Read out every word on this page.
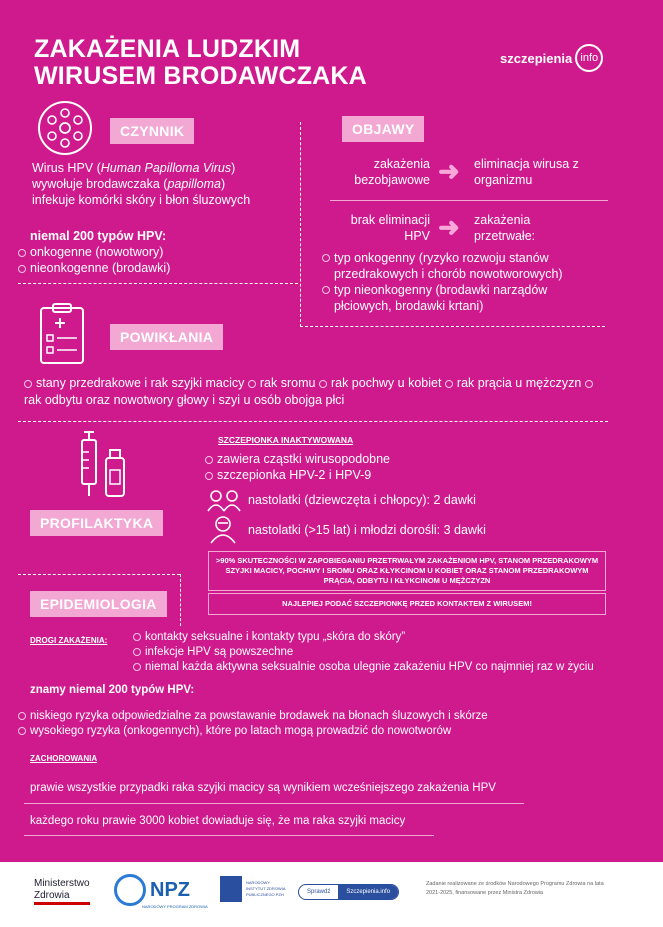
ZAKAŻENIA LUDZKIM
WIRUSEM BRODAWCZAKA
szczepienia info
CZYNNIK
Wirus HPV (Human Papilloma Virus)
wywołuje brodawczaka (papilloma)
infekuje komórki skóry i błon śluzowych
niemal 200 typów HPV:
onkogenne (nowotwory)
nieonkogenne (brodawki)
OBJAWY
zakażenia bezobjawowe ➜ eliminacja wirusa z organizmu
brak eliminacji HPV ➜ zakażenia przetrwałe:
typ onkogenny (ryzyko rozwoju stanów przedrakowych i chorób nowotworowych)
typ nieonkogenny (brodawki narządów płciowych, brodawki krtani)
POWIKŁANIA
stany przedrakowe i rak szyjki macicy rak sromu rak pochwy u kobiet rak prącia u mężczyzn rak odbytu oraz nowotwory głowy i szyi u osób obojga płci
PROFILAKTYKA
SZCZEPIONKA INAKTYWOWANA
zawiera cząstki wirusopodobne
szczepionka HPV-2 i HPV-9
nastolatki (dziewczęta i chłopcy): 2 dawki
nastolatki (>15 lat) i młodzi dorośli: 3 dawki
>90% SKUTECZNOŚCI W ZAPOBIEGANIU PRZETRWAŁYM ZAKAŻENIOM HPV, STANOM PRZEDRAKOWYM SZYJKI MACICY, POCHWY I SROMU ORAZ KŁYKCINOM U KOBIET ORAZ STANOM PRZEDRAKOWYM PRĄCIA, ODBYTU I KŁYKCINOM U MĘŻCZYZN
NAJLEPIEJ PODAĆ SZCZEPIONKĘ PRZED KONTAKTEM Z WIRUSEM!
EPIDEMIOLOGIA
DROGI ZAKAŻENIA:	kontakty seksualne i kontakty typu „skóra do skóry”
infekcje HPV są powszechne
niemal każda aktywna seksualnie osoba ulegnie zakażeniu HPV co najmniej raz w życiu
znamy niemal 200 typów HPV:
niskiego ryzyka odpowiedzialne za powstawanie brodawek na błonach śluzowych i skórze
wysokiego ryzyka (onkogennych), które po latach mogą prowadzić do nowotworów
ZACHOROWANIA
prawie wszystkie przypadki raka szyjki macicy są wynikiem wcześniejszego zakażenia HPV
każdego roku prawie 3000 kobiet dowiaduje się, że ma raka szyjki macicy
Ministerstwo Zdrowia	NPZ
NARODOWY PROGRAM ZDROWIA
NARODOWY INSTYTUT ZDROWIA PUBLICZNEGO PZH	Sprawdź	Szczepienia.info
Zadanie realizowane ze środków Narodowego Programu Zdrowia na lata 2021-2025, finansowane przez Ministra Zdrowia
